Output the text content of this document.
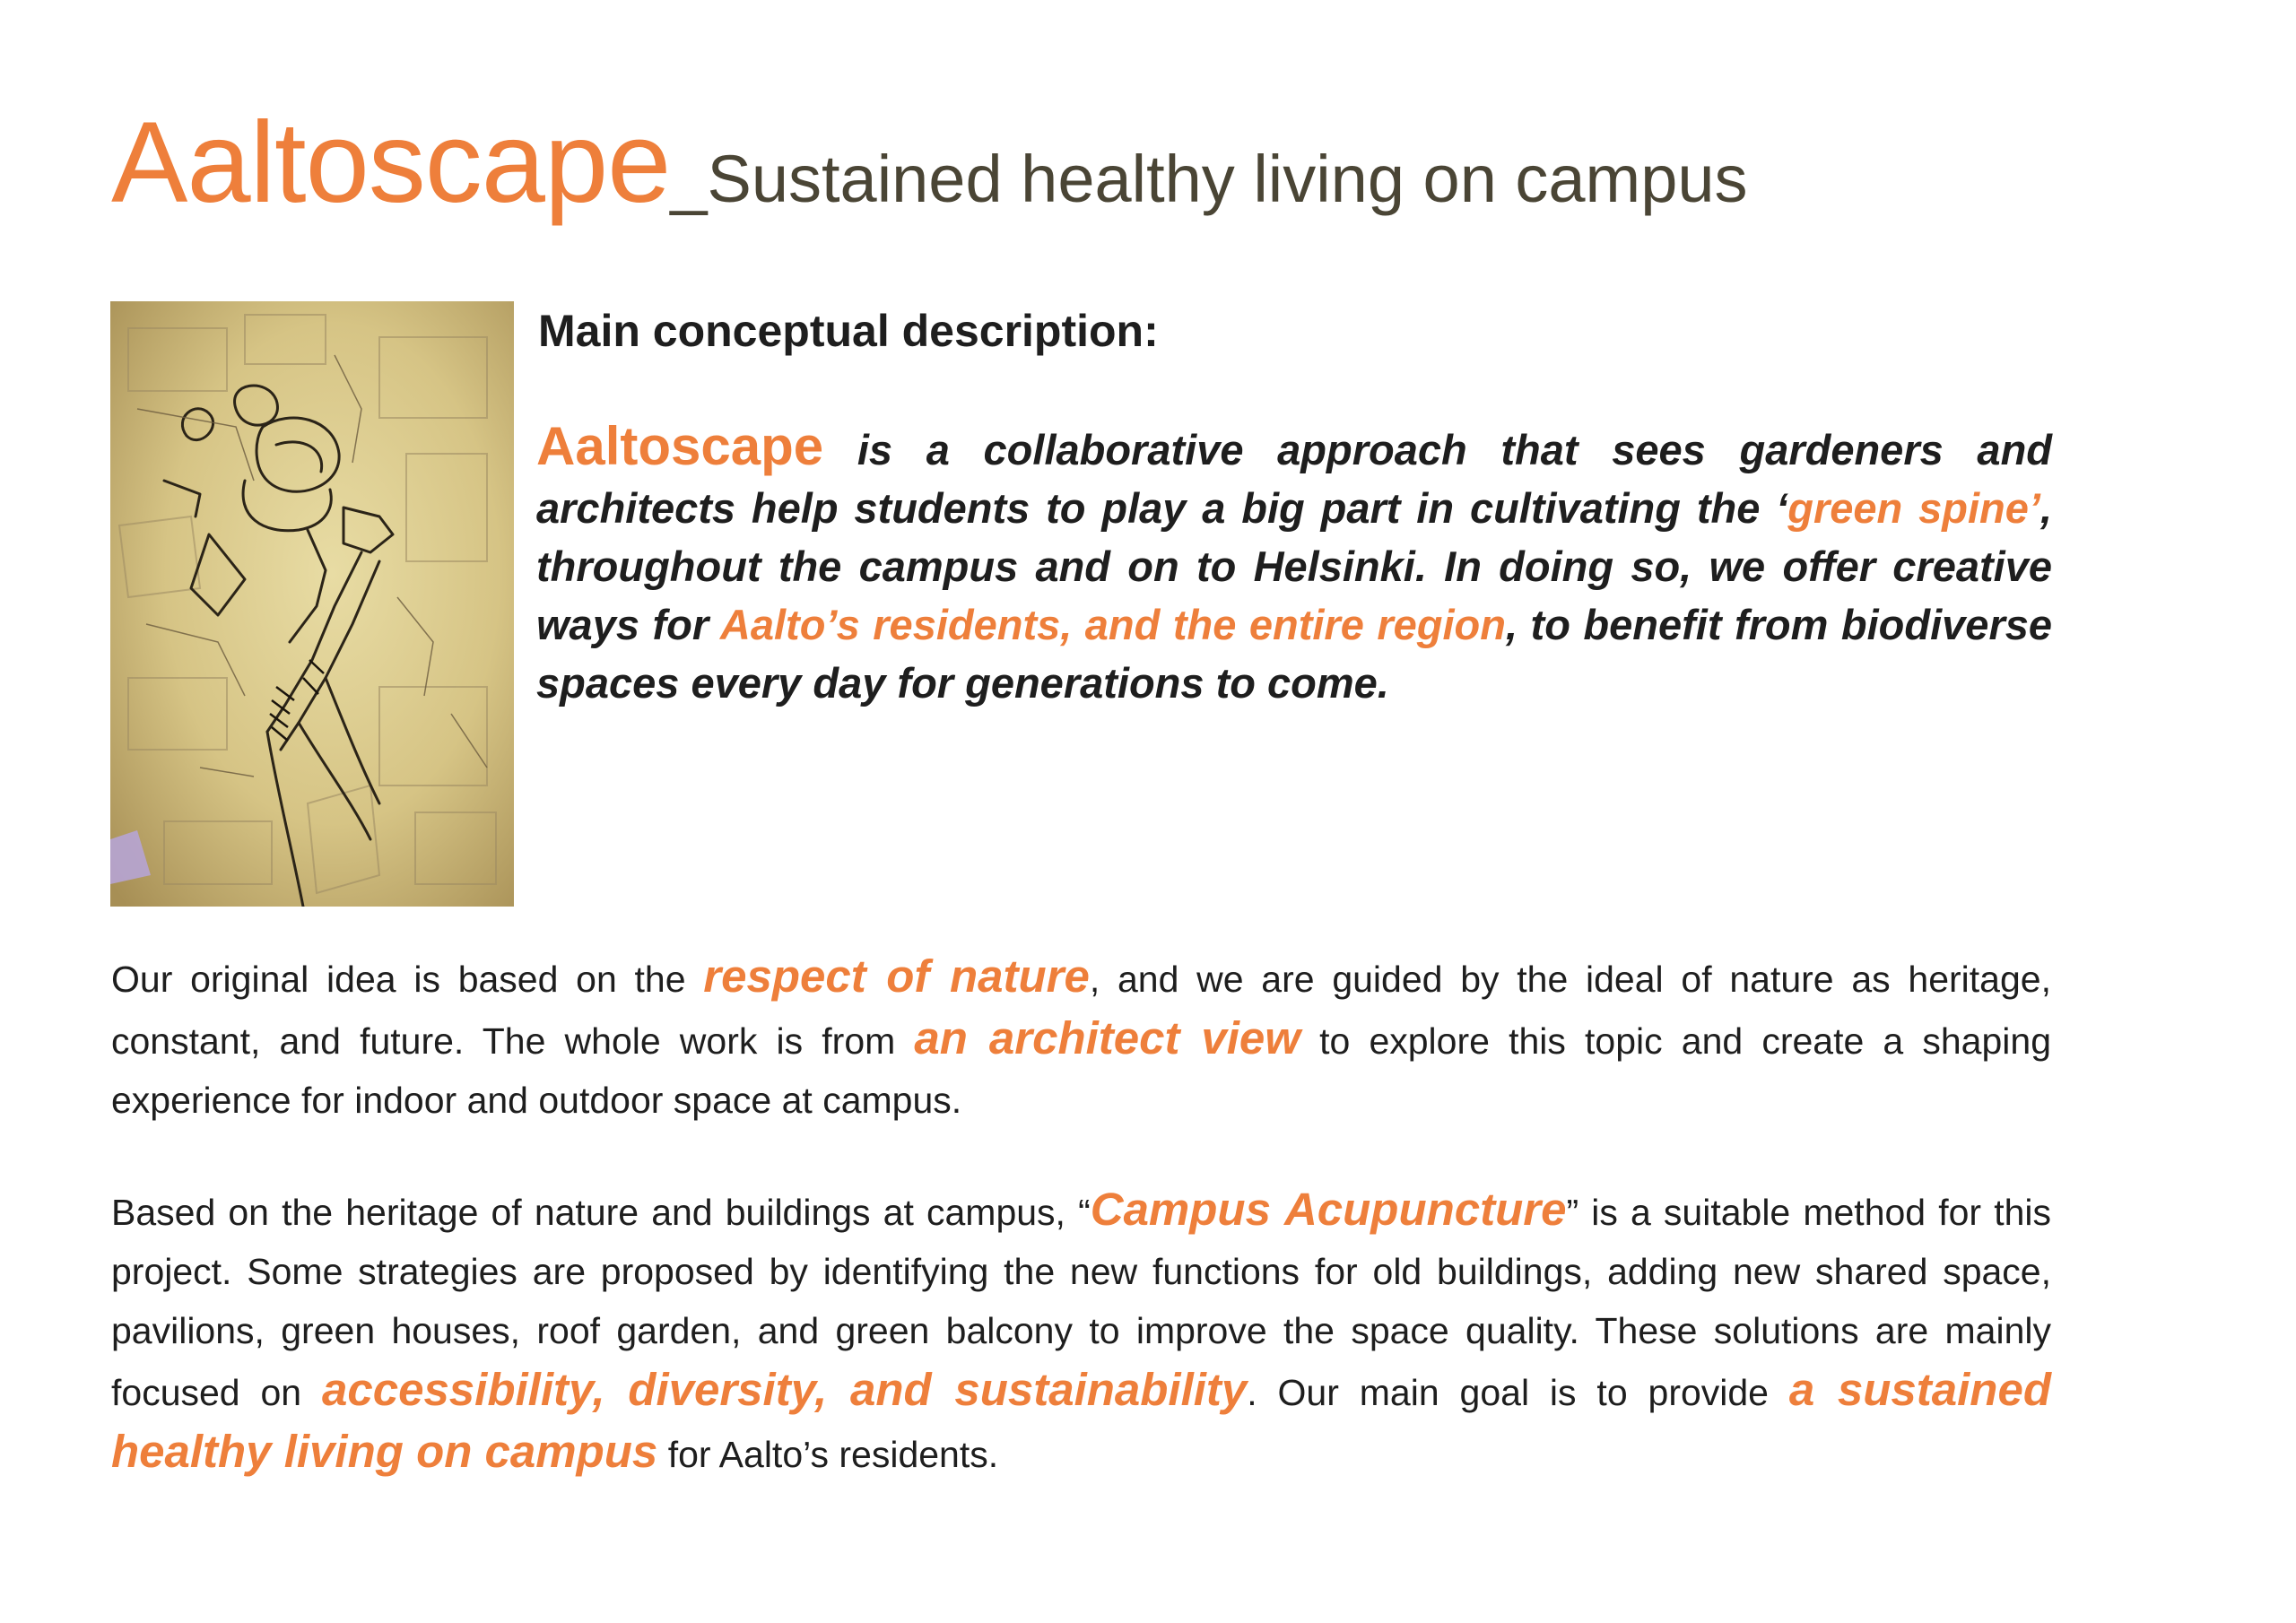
Aaltoscape_Sustained healthy living on campus
Main conceptual description:
Aaltoscape is a collaborative approach that sees gardeners and architects help students to play a big part in cultivating the ‘green spine’, throughout the campus and on to Helsinki. In doing so, we offer creative ways for Aalto’s residents, and the entire region, to benefit from biodiverse spaces every day for generations to come.
Our original idea is based on the respect of nature, and we are guided by the ideal of nature as heritage, constant, and future. The whole work is from an architect view to explore this topic and create a shaping experience for indoor and outdoor space at campus.
Based on the heritage of nature and buildings at campus, “Campus Acupuncture” is a suitable method for this project. Some strategies are proposed by identifying the new functions for old buildings, adding new shared space, pavilions, green houses, roof garden, and green balcony to improve the space quality. These solutions are mainly focused on accessibility, diversity, and sustainability. Our main goal is to provide a sustained healthy living on campus for Aalto’s residents.
